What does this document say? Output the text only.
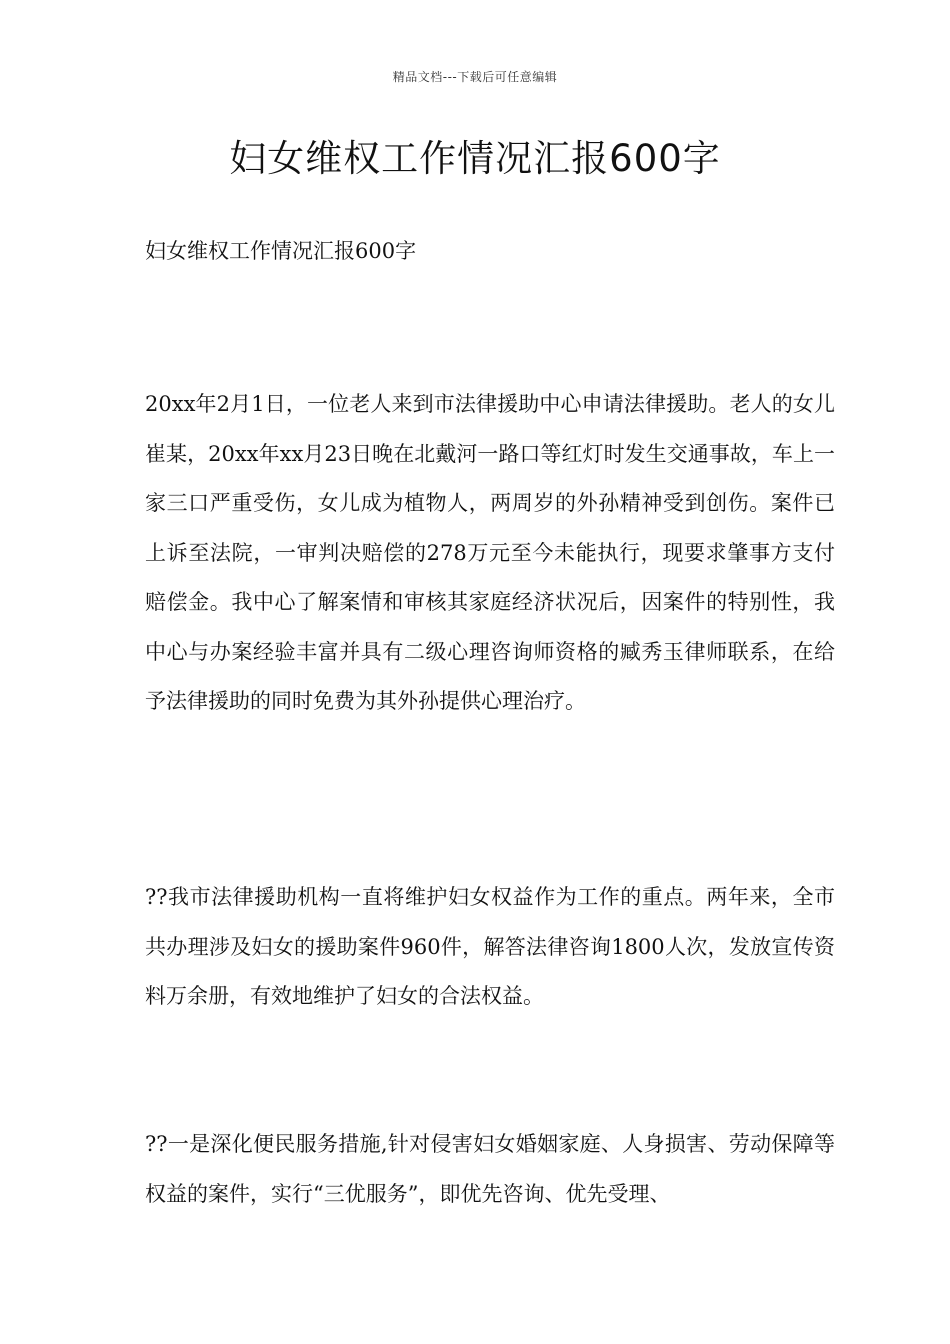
精品文档---下载后可任意编辑
妇女维权工作情况汇报600字

妇女维权工作情况汇报600字

20xx年2月1日，一位老人来到市法律援助中心申请法律援助。老人的女儿崔某，20xx年xx月23日晚在北戴河一路口等红灯时发生交通事故，车上一家三口严重受伤，女儿成为植物人，两周岁的外孙精神受到创伤。案件已上诉至法院，一审判决赔偿的278万元至今未能执行，现要求肇事方支付赔偿金。我中心了解案情和审核其家庭经济状况后，因案件的特别性，我中心与办案经验丰富并具有二级心理咨询师资格的臧秀玉律师联系，在给予法律援助的同时免费为其外孙提供心理治疗。

??我市法律援助机构一直将维护妇女权益作为工作的重点。两年来，全市共办理涉及妇女的援助案件960件，解答法律咨询1800人次，发放宣传资料万余册，有效地维护了妇女的合法权益。

??一是深化便民服务措施,针对侵害妇女婚姻家庭、人身损害、劳动保障等权益的案件，实行“三优服务”，即优先咨询、优先受理、
